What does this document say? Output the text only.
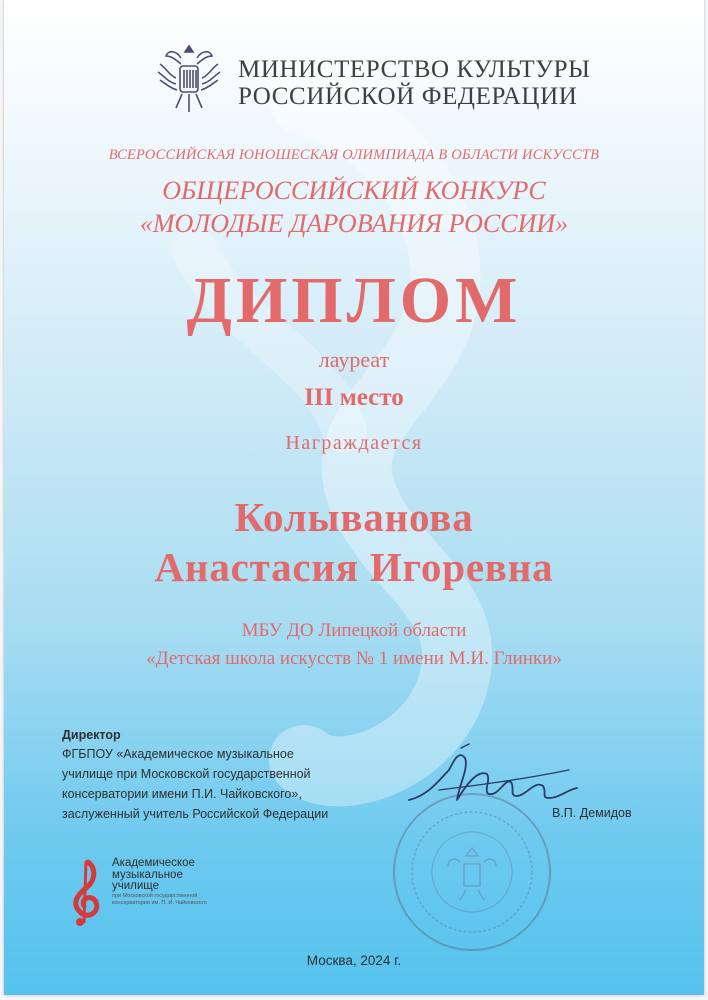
МИНИСТЕРСТВО КУЛЬТУРЫ
РОССИЙСКОЙ ФЕДЕРАЦИИ
ВСЕРОССИЙСКАЯ ЮНОШЕСКАЯ ОЛИМПИАДА В ОБЛАСТИ ИСКУССТВ
ОБЩЕРОССИЙСКИЙ КОНКУРС
«МОЛОДЫЕ ДАРОВАНИЯ РОССИИ»
ДИПЛОМ
лауреат
III место
Награждается
Колыванова
Анастасия Игоревна
МБУ ДО Липецкой области
«Детская школа искусств № 1 имени М.И. Глинки»
Директор
ФГБПОУ «Академическое музыкальное
училище при Московской государственной
консерватории имени П.И. Чайковского»,
заслуженный учитель Российской Федерации	В.П. Демидов
Академическое
музыкальное
училище
при Московской государственной
консерватории им. П. И. Чайковского
Москва, 2024 г.
